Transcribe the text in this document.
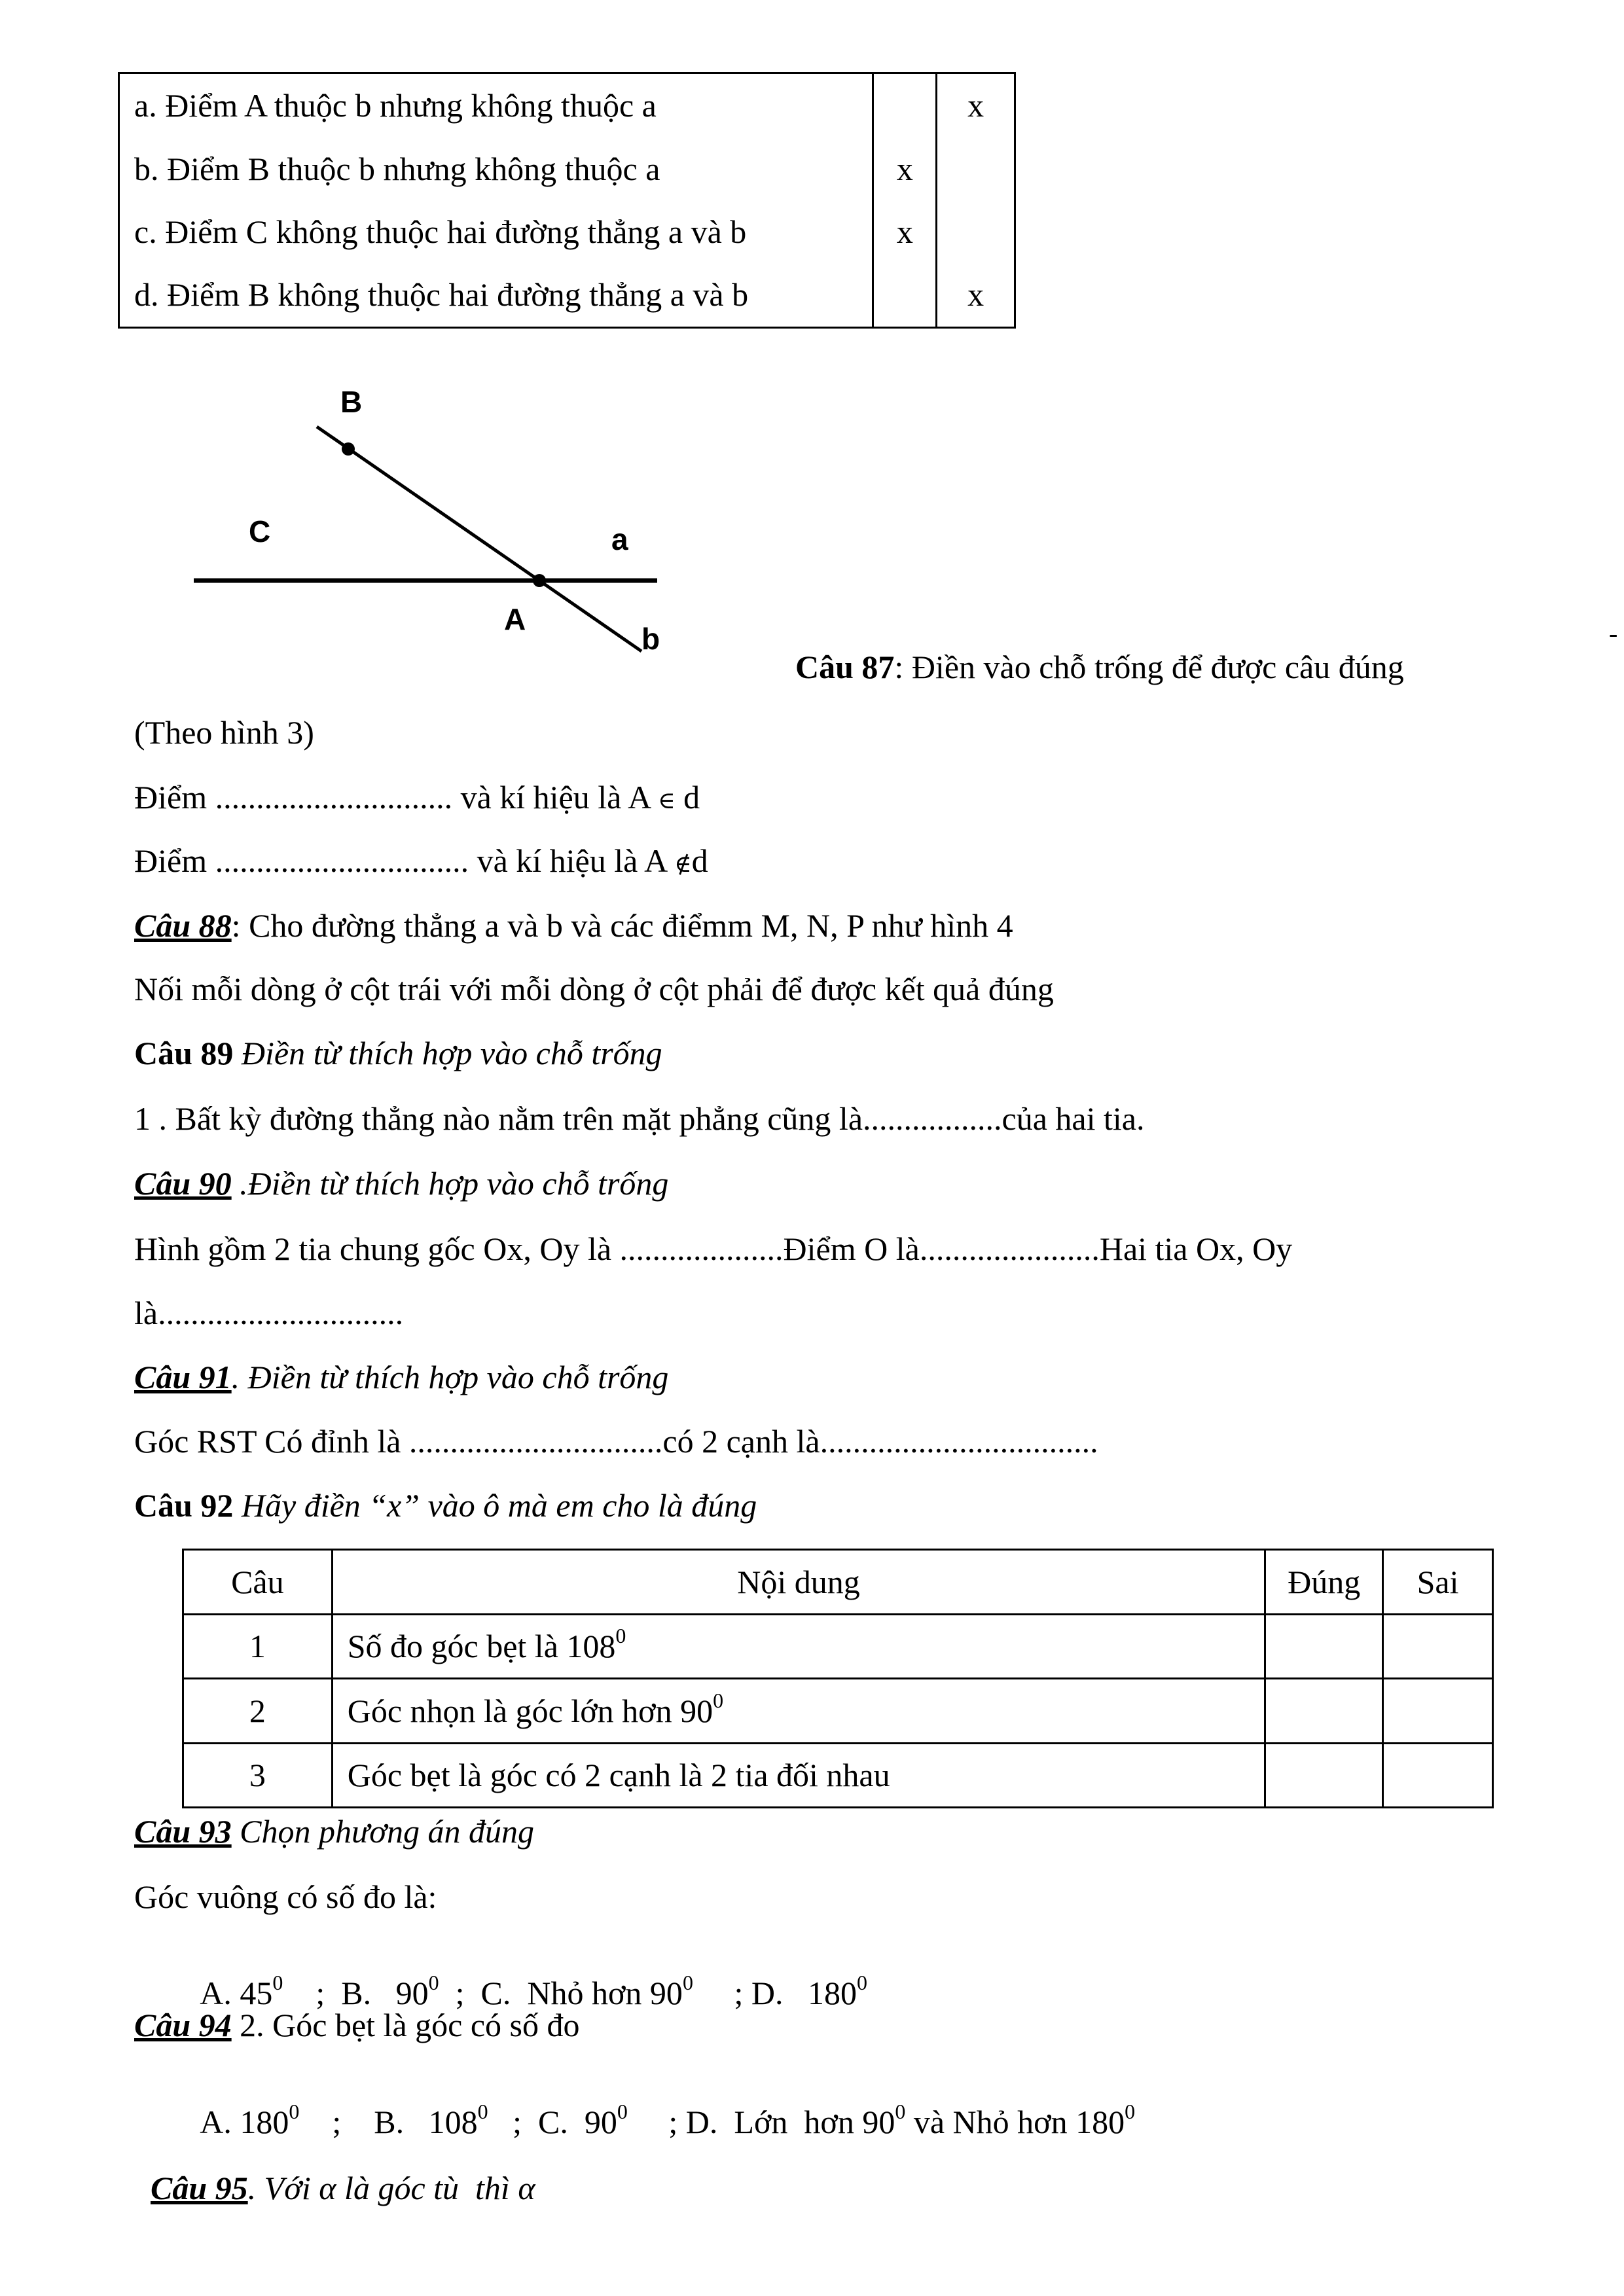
a. Điểm A thuộc b nhưng không thuộc a		x
b. Điểm B thuộc b nhưng không thuộc a	x	
c. Điểm C không thuộc hai đường thẳng a và b	x	
d. Điểm B không thuộc hai đường thẳng a và b		x
B
C	a
A
b	-
Câu 87: Điền vào chỗ trống để được câu đúng
(Theo hình 3)
Điểm ............................. và kí hiệu là A ∈ d
Điểm ............................... và kí hiệu là A ∉d
Câu 88: Cho đường thẳng a và b và các điểmm M, N, P như hình 4
Nối mỗi dòng ở cột trái với mỗi dòng ở cột phải để được kết quả đúng
Câu 89 Điền từ thích hợp vào chỗ trống
1 . Bất kỳ đường thẳng nào nằm trên mặt phẳng cũng là.................của hai tia.
Câu 90 .Điền từ thích hợp vào chỗ trống
Hình gồm 2 tia chung gốc Ox, Oy là ....................Điểm O là......................Hai tia Ox, Oy
là..............................
Câu 91. Điền từ thích hợp vào chỗ trống
Góc RST Có đỉnh là ...............................có 2 cạnh là..................................
Câu 92 Hãy điền “x” vào ô mà em cho là đúng
Câu	Nội dung	Đúng	Sai
1	Số đo góc bẹt là $108^0$		
2	Góc nhọn là góc lớn hơn $90^0$		
3	Góc bẹt là góc có 2 cạnh là 2 tia đối nhau		
Câu 93 Chọn phương án đúng
Góc vuông có số đo là:

A. $45^0$    ;  B.   $90^0$  ;  C.  Nhỏ hơn $90^0$     ; D.   $180^0$

Câu 94 2. Góc bẹt là góc có số đo

A. $180^0$    ;    B.   $108^0$   ;  C.  $90^0$     ; D.  Lớn  hơn $90^0$ và Nhỏ hơn $180^0$

Câu 95. Với α là góc tù  thì α
